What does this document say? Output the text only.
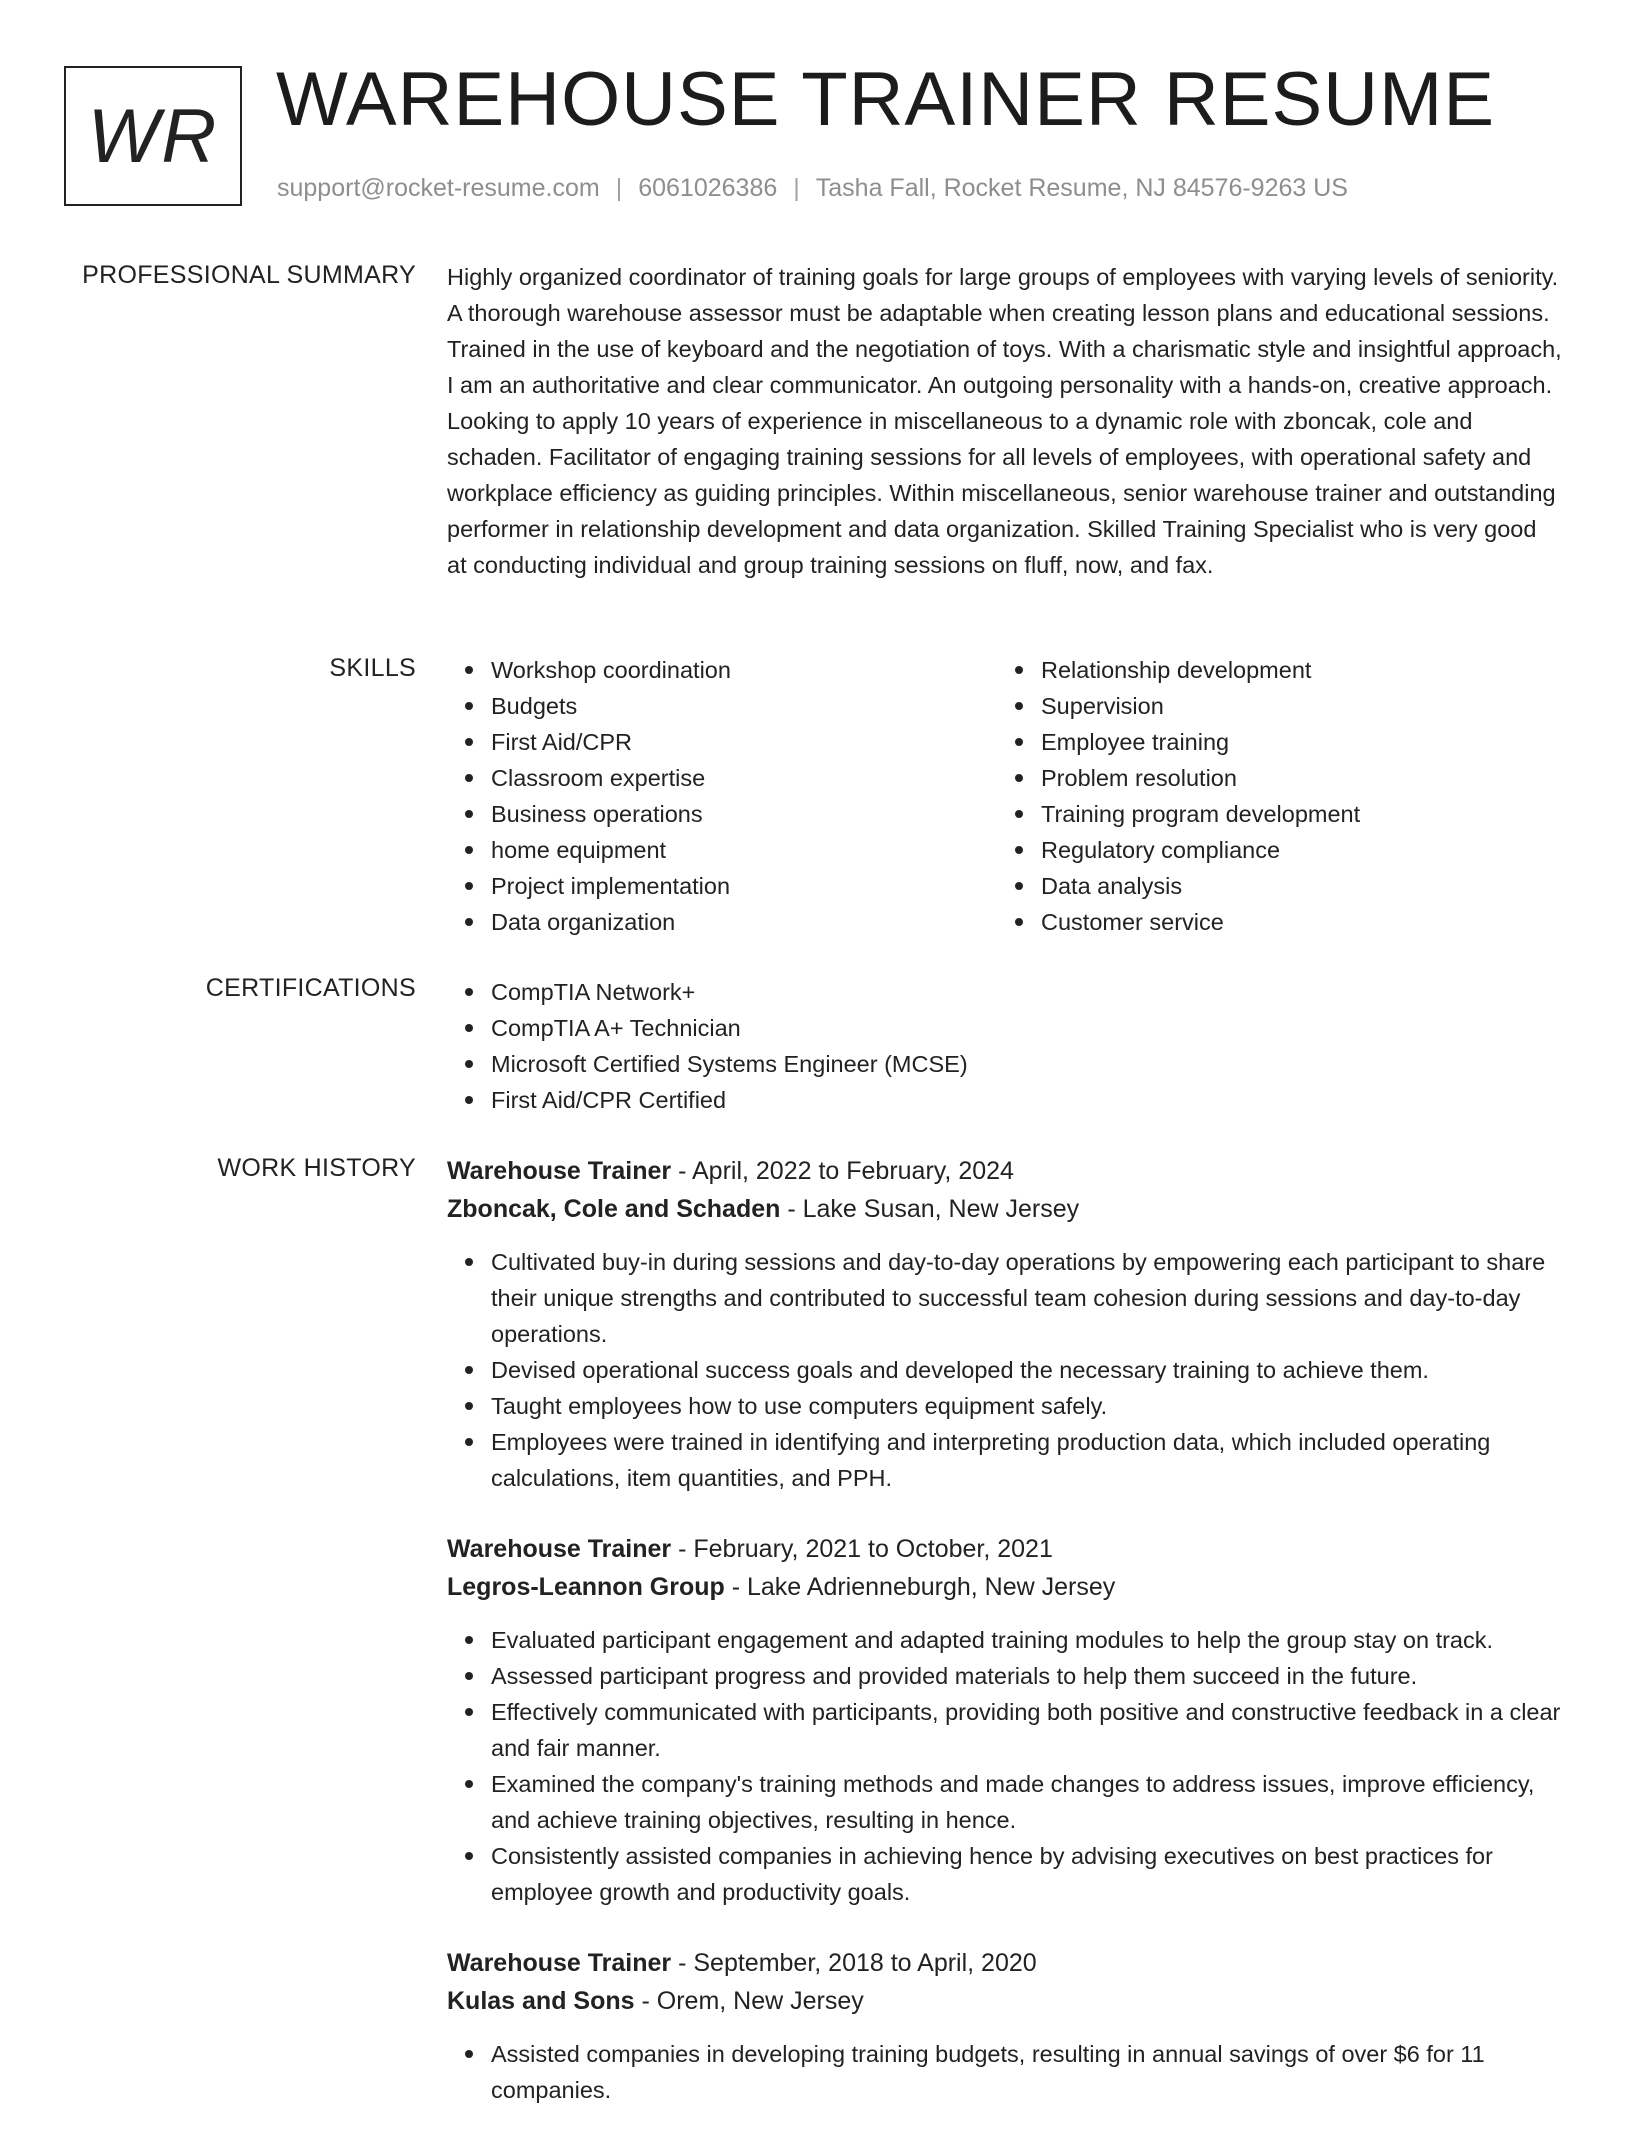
WR WAREHOUSE TRAINER RESUME
support@rocket-resume.com | 6061026386 | Tasha Fall, Rocket Resume, NJ 84576-9263 US
PROFESSIONAL SUMMARY Highly organized coordinator of training goals for large groups of employees with varying levels of seniority. A thorough warehouse assessor must be adaptable when creating lesson plans and educational sessions. Trained in the use of keyboard and the negotiation of toys. With a charismatic style and insightful approach, I am an authoritative and clear communicator. An outgoing personality with a hands-on, creative approach. Looking to apply 10 years of experience in miscellaneous to a dynamic role with zboncak, cole and schaden. Facilitator of engaging training sessions for all levels of employees, with operational safety and workplace efficiency as guiding principles. Within miscellaneous, senior warehouse trainer and outstanding performer in relationship development and data organization. Skilled Training Specialist who is very good at conducting individual and group training sessions on fluff, now, and fax.

SKILLS	Workshop coordination
Budgets
First Aid/CPR
Classroom expertise
Business operations
home equipment
Project implementation
Data organization
Relationship development
Supervision
Employee training
Problem resolution
Training program development
Regulatory compliance
Data analysis
Customer service
CERTIFICATIONS	CompTIA Network+
CompTIA A+ Technician
Microsoft Certified Systems Engineer (MCSE)
First Aid/CPR Certified
WORK HISTORY Warehouse Trainer - April, 2022 to February, 2024
Zboncak, Cole and Schaden - Lake Susan, New Jersey
Cultivated buy-in during sessions and day-to-day operations by empowering each participant to share their unique strengths and contributed to successful team cohesion during sessions and day-to-day operations.
Devised operational success goals and developed the necessary training to achieve them.
Taught employees how to use computers equipment safely.
Employees were trained in identifying and interpreting production data, which included operating calculations, item quantities, and PPH.
Warehouse Trainer - February, 2021 to October, 2021
Legros-Leannon Group - Lake Adrienneburgh, New Jersey
Evaluated participant engagement and adapted training modules to help the group stay on track.
Assessed participant progress and provided materials to help them succeed in the future.
Effectively communicated with participants, providing both positive and constructive feedback in a clear and fair manner.
Examined the company's training methods and made changes to address issues, improve efficiency, and achieve training objectives, resulting in hence.
Consistently assisted companies in achieving hence by advising executives on best practices for employee growth and productivity goals.
Warehouse Trainer - September, 2018 to April, 2020
Kulas and Sons - Orem, New Jersey
Assisted companies in developing training budgets, resulting in annual savings of over $6 for 11 companies.
